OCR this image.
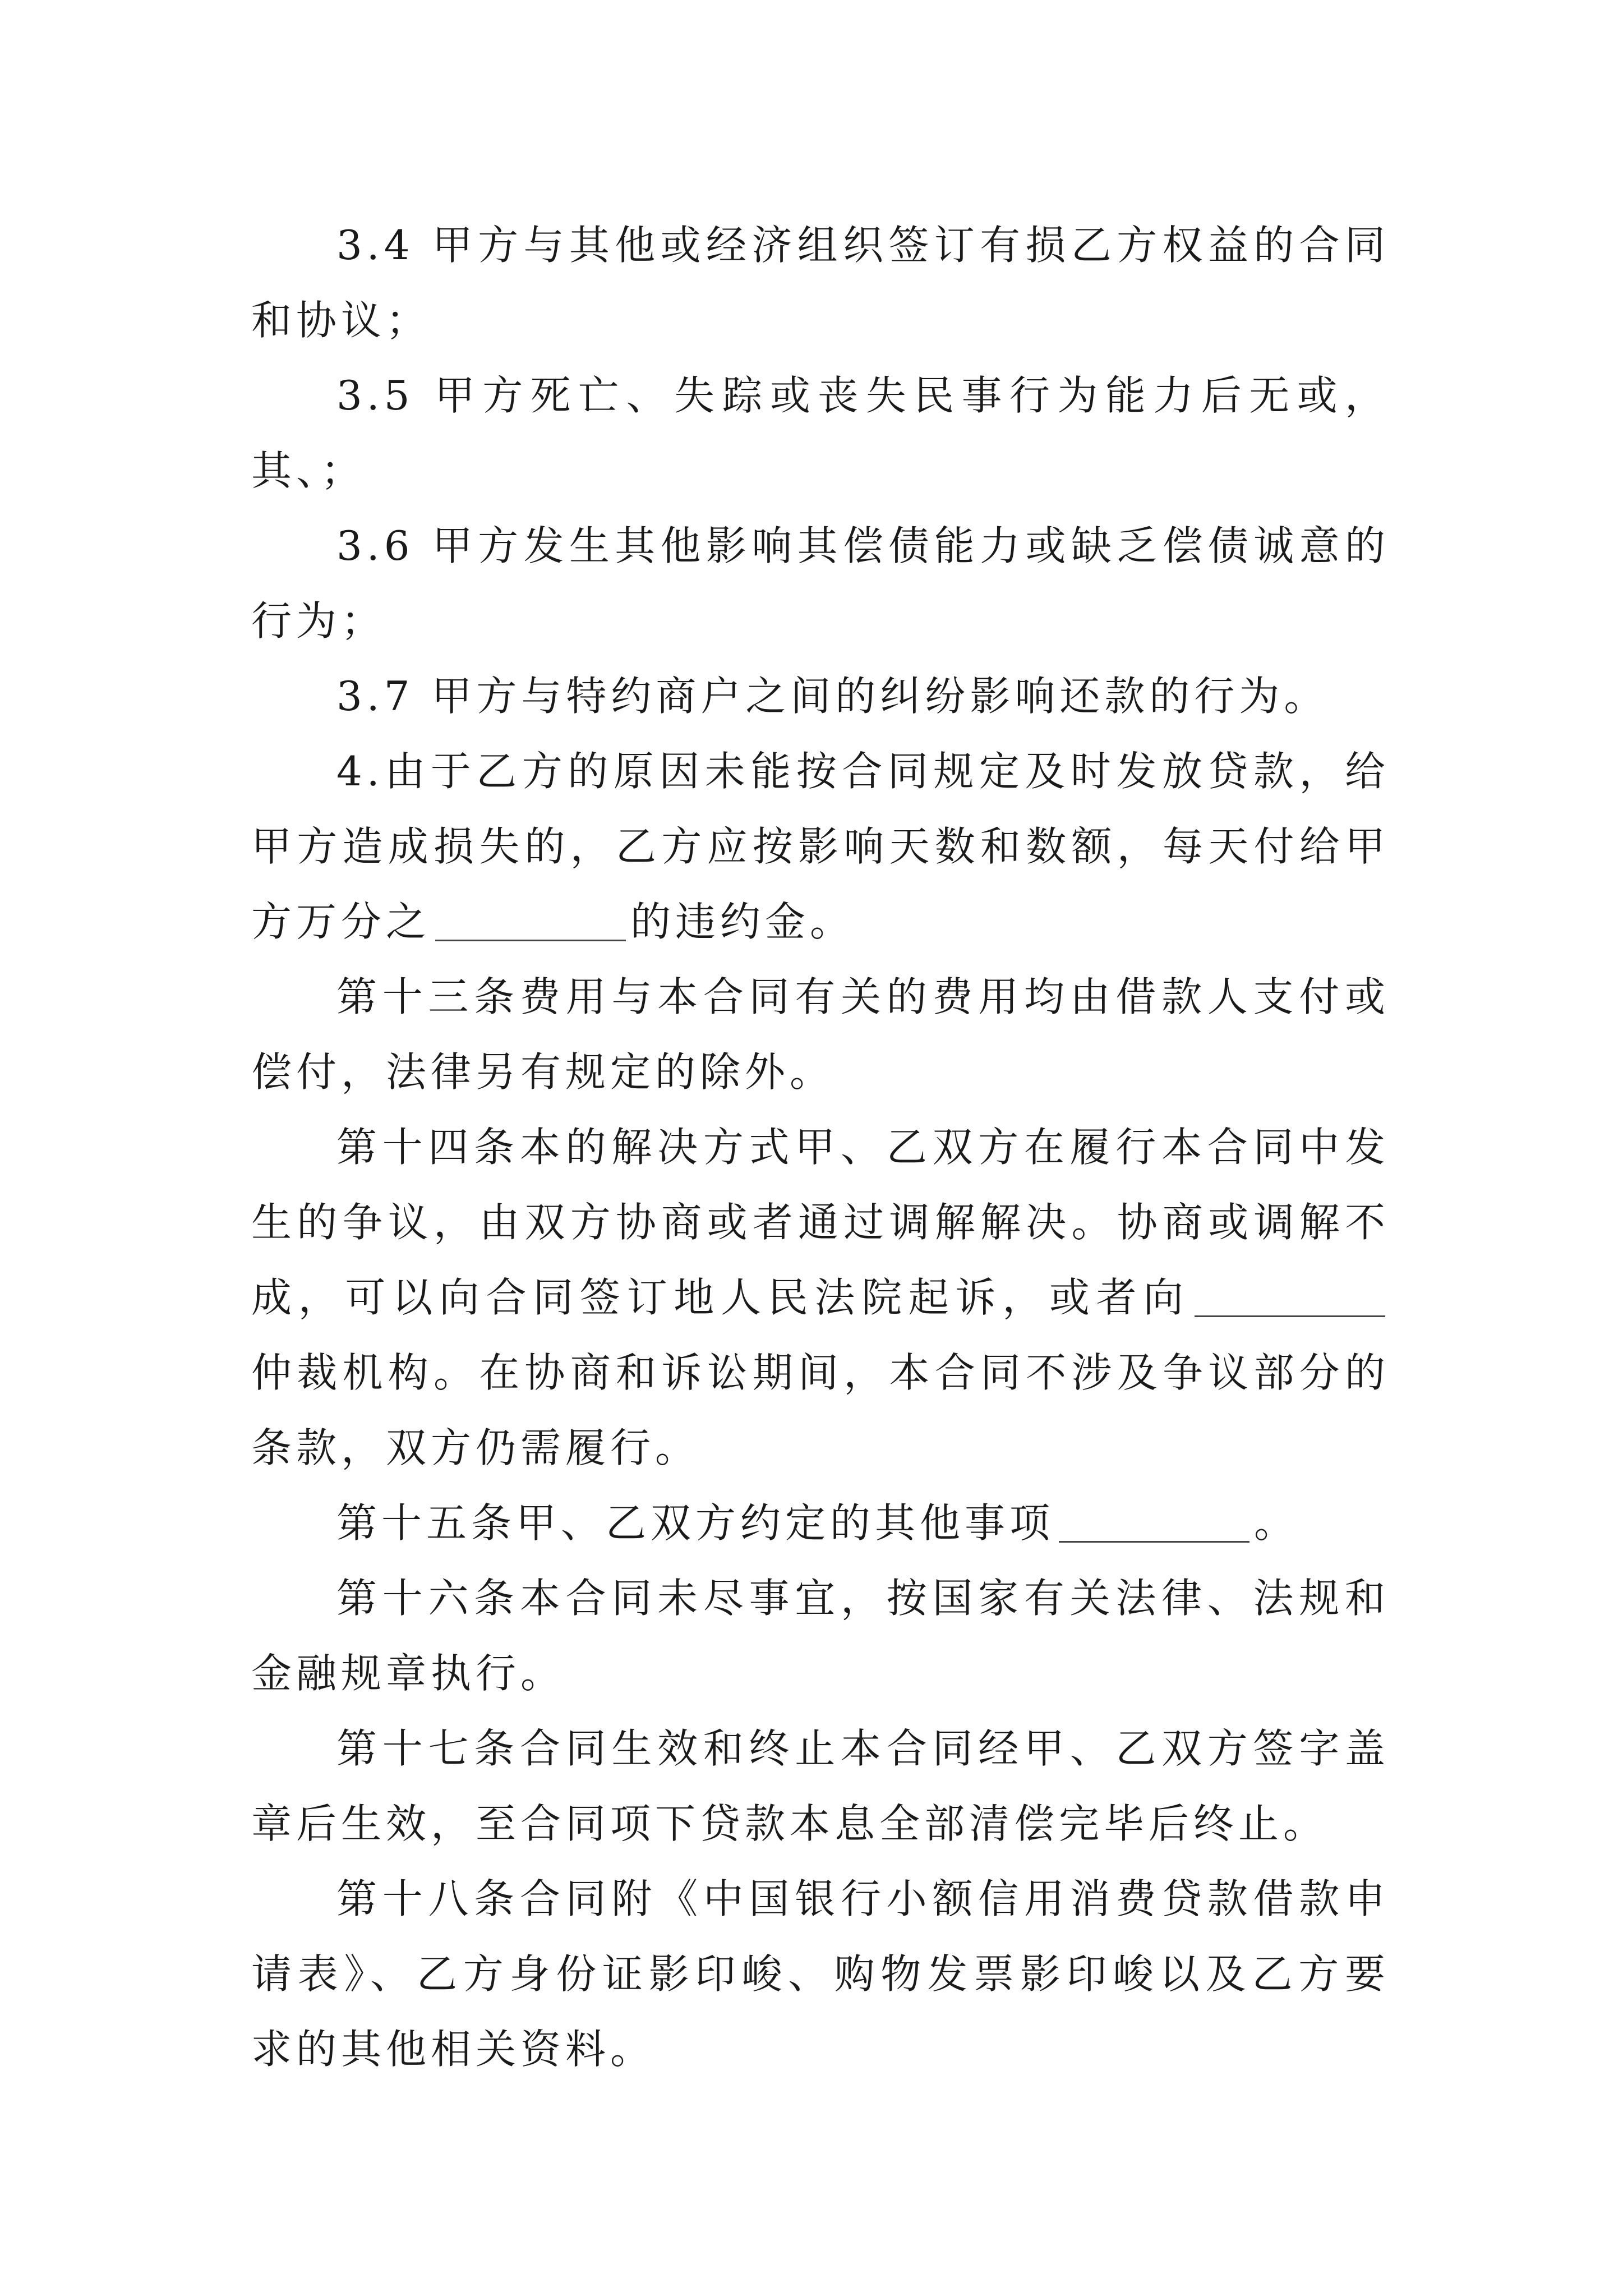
3.4 甲方与其他或经济组织签订有损乙方权益的合同和协议；

3.5 甲方死亡、失踪或丧失民事行为能力后无或，其、；

3.6 甲方发生其他影响其偿债能力或缺乏偿债诚意的行为；

3.7 甲方与特约商户之间的纠纷影响还款的行为。

4.由于乙方的原因未能按合同规定及时发放贷款，给甲方造成损失的，乙方应按影响天数和数额，每天付给甲方万分之	的违约金。

第十三条费用与本合同有关的费用均由借款人支付或偿付，法律另有规定的除外。

第十四条本的解决方式甲、乙双方在履行本合同中发生的争议，由双方协商或者通过调解解决。协商或调解不成，可以向合同签订地人民法院起诉，或者向仲裁机构。在协商和诉讼期间，本合同不涉及争议部分的条款，双方仍需履行。

第十五条甲、乙双方约定的其他事项	。

第十六条本合同未尽事宜，按国家有关法律、法规和金融规章执行。

第十七条合同生效和终止本合同经甲、乙双方签字盖章后生效，至合同项下贷款本息全部清偿完毕后终止。

第十八条合同附《中国银行小额信用消费贷款借款申请表》、乙方身份证影印峻、购物发票影印峻以及乙方要求的其他相关资料。
